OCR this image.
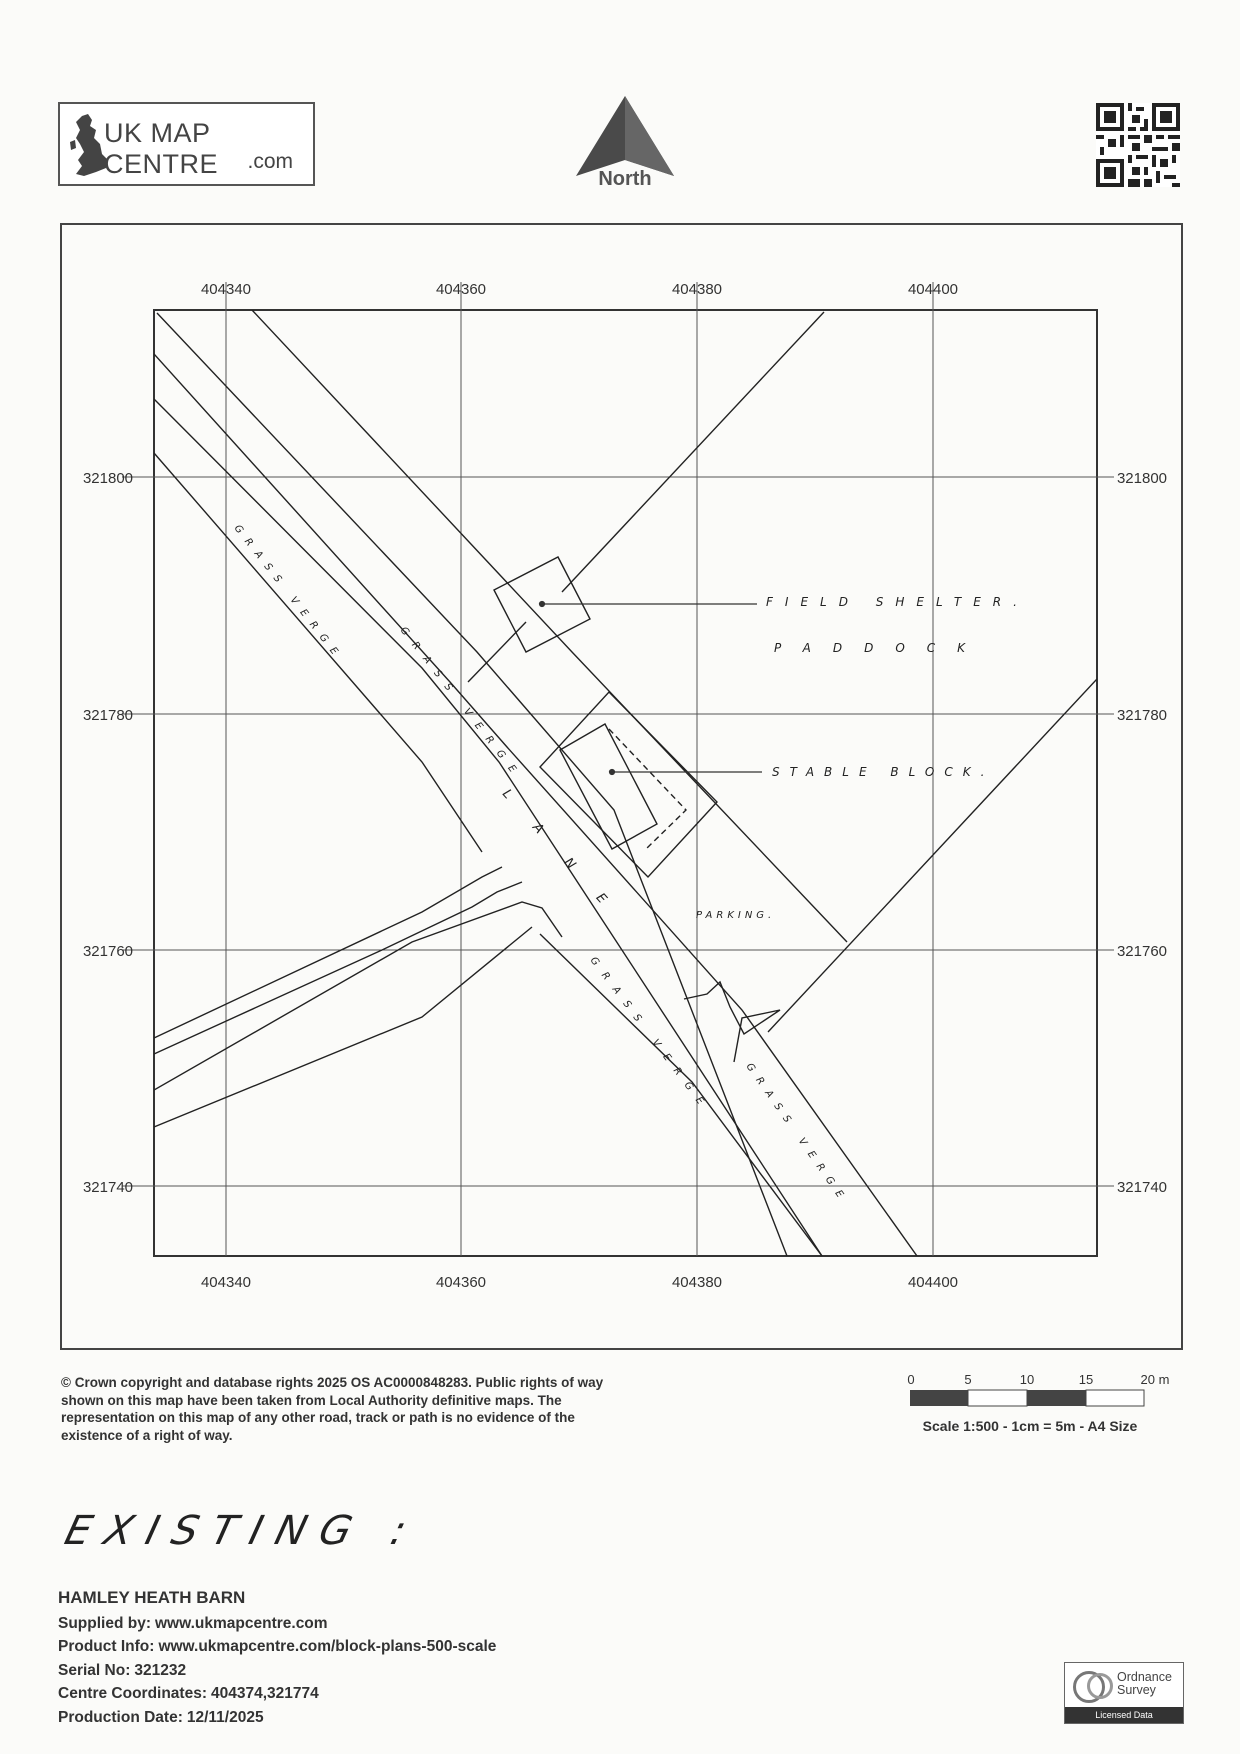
UK MAP CENTRE	.com
North
404340	404360	404380	404400
404340	404360	404380	404400
321800
321780
321760
321740
321800
321780
321760
321740
FIELD SHELTER.
PADDOCK
STABLE BLOCK.
PARKING.
LANE
GRASS VERGE
GRASS VERGE
GRASS VERGE
GRASS VERGE
© Crown copyright and database rights 2025 OS AC0000848283. Public rights of way shown on this map have been taken from Local Authority definitive maps. The representation on this map of any other road, track or path is no evidence of the existence of a right of way.
0	5	10	15	20 m
Scale 1:500 - 1cm = 5m - A4 Size
EXISTING :
HAMLEY HEATH BARN
Supplied by: www.ukmapcentre.com
Product Info: www.ukmapcentre.com/block-plans-500-scale
Serial No: 321232
Centre Coordinates: 404374,321774
Production Date: 12/11/2025
Ordnance
Survey
Licensed Data
